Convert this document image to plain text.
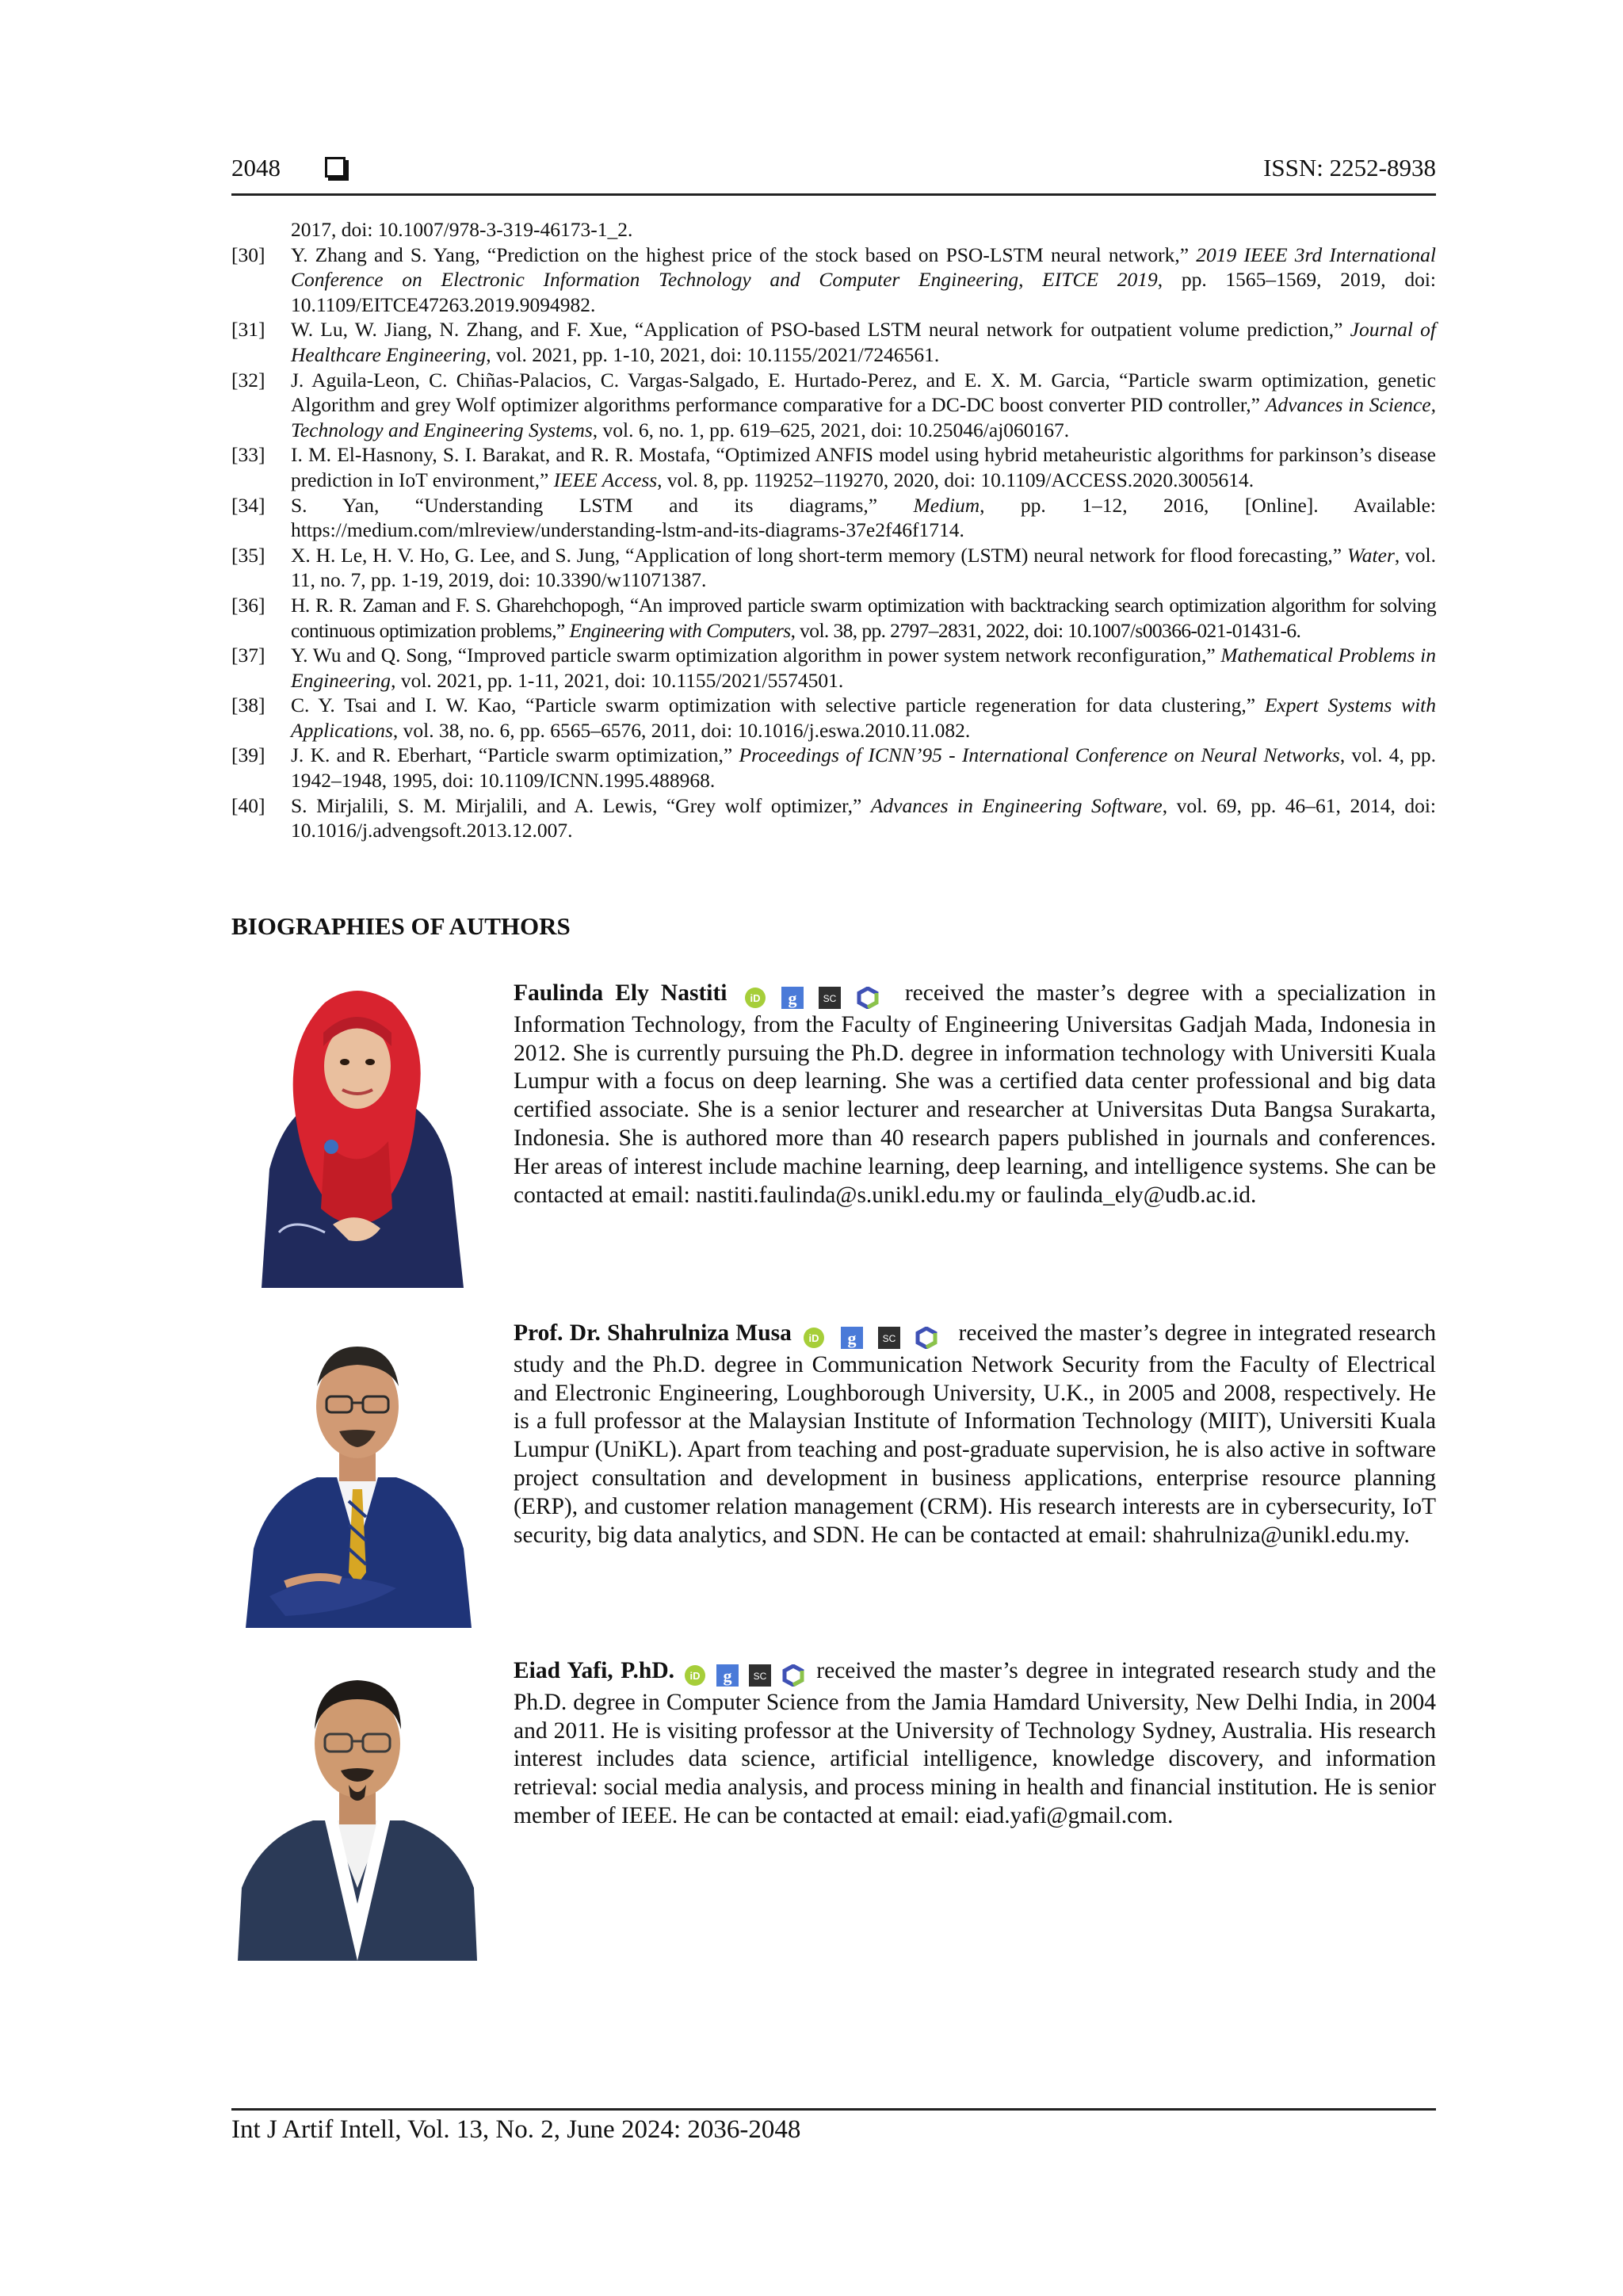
2048	ISSN: 2252-8938
2017, doi: 10.1007/978-3-319-46173-1_2.
[30]	Y. Zhang and S. Yang, “Prediction on the highest price of the stock based on PSO-LSTM neural network,” 2019 IEEE 3rd International Conference on Electronic Information Technology and Computer Engineering, EITCE 2019, pp. 1565–1569, 2019, doi: 10.1109/EITCE47263.2019.9094982.
[31]	W. Lu, W. Jiang, N. Zhang, and F. Xue, “Application of PSO-based LSTM neural network for outpatient volume prediction,” Journal of Healthcare Engineering, vol. 2021, pp. 1-10, 2021, doi: 10.1155/2021/7246561.
[32]	J. Aguila-Leon, C. Chiñas-Palacios, C. Vargas-Salgado, E. Hurtado-Perez, and E. X. M. Garcia, “Particle swarm optimization, genetic Algorithm and grey Wolf optimizer algorithms performance comparative for a DC-DC boost converter PID controller,” Advances in Science, Technology and Engineering Systems, vol. 6, no. 1, pp. 619–625, 2021, doi: 10.25046/aj060167.
[33]	I. M. El-Hasnony, S. I. Barakat, and R. R. Mostafa, “Optimized ANFIS model using hybrid metaheuristic algorithms for parkinson’s disease prediction in IoT environment,” IEEE Access, vol. 8, pp. 119252–119270, 2020, doi: 10.1109/ACCESS.2020.3005614.
[34]	S. Yan, “Understanding LSTM and its diagrams,” Medium, pp. 1–12, 2016, [Online]. Available: https://medium.com/mlreview/understanding-lstm-and-its-diagrams-37e2f46f1714.
[35]	X. H. Le, H. V. Ho, G. Lee, and S. Jung, “Application of long short-term memory (LSTM) neural network for flood forecasting,” Water, vol. 11, no. 7, pp. 1-19, 2019, doi: 10.3390/w11071387.
[36]	H. R. R. Zaman and F. S. Gharehchopogh, “An improved particle swarm optimization with backtracking search optimization algorithm for solving continuous optimization problems,” Engineering with Computers, vol. 38, pp. 2797–2831, 2022, doi: 10.1007/s00366-021-01431-6.
[37]	Y. Wu and Q. Song, “Improved particle swarm optimization algorithm in power system network reconfiguration,” Mathematical Problems in Engineering, vol. 2021, pp. 1-11, 2021, doi: 10.1155/2021/5574501.
[38]	C. Y. Tsai and I. W. Kao, “Particle swarm optimization with selective particle regeneration for data clustering,” Expert Systems with Applications, vol. 38, no. 6, pp. 6565–6576, 2011, doi: 10.1016/j.eswa.2010.11.082.
[39]	J. K. and R. Eberhart, “Particle swarm optimization,” Proceedings of ICNN’95 - International Conference on Neural Networks, vol. 4, pp. 1942–1948, 1995, doi: 10.1109/ICNN.1995.488968.
[40]	S. Mirjalili, S. M. Mirjalili, and A. Lewis, “Grey wolf optimizer,” Advances in Engineering Software, vol. 69, pp. 46–61, 2014, doi: 10.1016/j.advengsoft.2013.12.007.
BIOGRAPHIES OF AUTHORS
Faulinda Ely Nastiti iD
g
	SC
	received the master’s degree with a specialization in Information Technology, from the Faculty of Engineering Universitas Gadjah Mada, Indonesia in 2012. She is currently pursuing the Ph.D. degree in information technology with Universiti Kuala Lumpur with a focus on deep learning. She was a certified data center professional and big data certified associate. She is a senior lecturer and researcher at Universitas Duta Bangsa Surakarta, Indonesia. She is authored more than 40 research papers published in journals and conferences. Her areas of interest include machine learning, deep learning, and intelligence systems. She can be contacted at email: nastiti.faulinda@s.unikl.edu.my or faulinda_ely@udb.ac.id.
Prof. Dr. Shahrulniza Musa iD
g
	SC
	received the master’s degree in integrated research study and the Ph.D. degree in Communication Network Security from the Faculty of Electrical and Electronic Engineering, Loughborough University, U.K., in 2005 and 2008, respectively. He is a full professor at the Malaysian Institute of Information Technology (MIIT), Universiti Kuala Lumpur (UniKL). Apart from teaching and post-graduate supervision, he is also active in software project consultation and development in business applications, enterprise resource planning (ERP), and customer relation management (CRM). His research interests are in cybersecurity, IoT security, big data analytics, and SDN. He can be contacted at email: shahrulniza@unikl.edu.my.
Eiad Yafi, P.hD. iD
g
SC
received the master’s degree in integrated research study and the Ph.D. degree in Computer Science from the Jamia Hamdard University, New Delhi India, in 2004 and 2011. He is visiting professor at the University of Technology Sydney, Australia. His research interest includes data science, artificial intelligence, knowledge discovery, and information retrieval: social media analysis, and process mining in health and financial institution. He is senior member of IEEE. He can be contacted at email: eiad.yafi@gmail.com.
Int J Artif Intell, Vol. 13, No. 2, June 2024: 2036-2048
